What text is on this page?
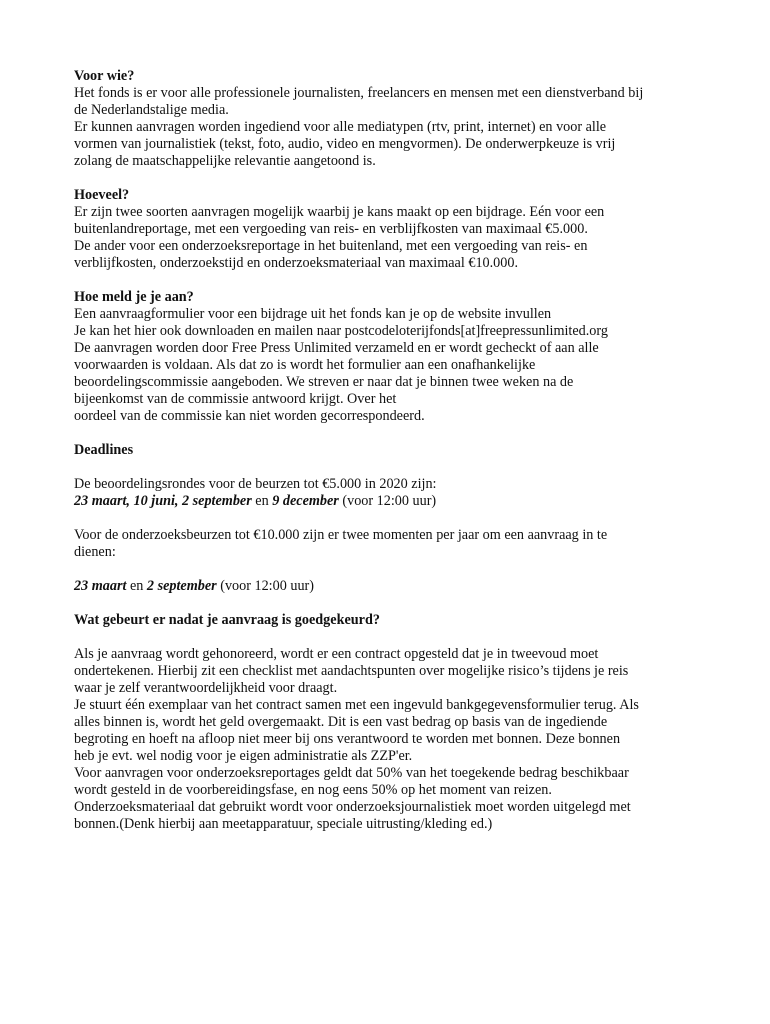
Voor wie?

Het fonds is er voor alle professionele journalisten, freelancers en mensen met een dienstverband bij

de Nederlandstalige media.

Er kunnen aanvragen worden ingediend voor alle mediatypen (rtv, print, internet) en voor alle

vormen van journalistiek (tekst, foto, audio, video en mengvormen). De onderwerpkeuze is vrij

zolang de maatschappelijke relevantie aangetoond is.

Hoeveel?

Er zijn twee soorten aanvragen mogelijk waarbij je kans maakt op een bijdrage. Eén voor een

buitenlandreportage, met een vergoeding van reis- en verblijfkosten van maximaal €5.000.

De ander voor een onderzoeksreportage in het buitenland, met een vergoeding van reis- en

verblijfkosten, onderzoekstijd en onderzoeksmateriaal van maximaal €10.000.

Hoe meld je je aan?

Een aanvraagformulier voor een bijdrage uit het fonds kan je op de website invullen

Je kan het hier ook downloaden en mailen naar postcodeloterijfonds[at]freepressunlimited.org

De aanvragen worden door Free Press Unlimited verzameld en er wordt gecheckt of aan alle

voorwaarden is voldaan. Als dat zo is wordt het formulier aan een onafhankelijke

beoordelingscommissie aangeboden. We streven er naar dat je binnen twee weken na de

bijeenkomst van de commissie antwoord krijgt. Over het

oordeel van de commissie kan niet worden gecorrespondeerd.

Deadlines

De beoordelingsrondes voor de beurzen tot €5.000 in 2020 zijn:

23 maart, 10 juni, 2 september en 9 december (voor 12:00 uur)

Voor de onderzoeksbeurzen tot €10.000 zijn er twee momenten per jaar om een aanvraag in te

dienen:

23 maart en 2 september (voor 12:00 uur)

Wat gebeurt er nadat je aanvraag is goedgekeurd?

Als je aanvraag wordt gehonoreerd, wordt er een contract opgesteld dat je in tweevoud moet

ondertekenen. Hierbij zit een checklist met aandachtspunten over mogelijke risico’s tijdens je reis

waar je zelf verantwoordelijkheid voor draagt.

Je stuurt één exemplaar van het contract samen met een ingevuld bankgegevensformulier terug. Als

alles binnen is, wordt het geld overgemaakt. Dit is een vast bedrag op basis van de ingediende

begroting en hoeft na afloop niet meer bij ons verantwoord te worden met bonnen. Deze bonnen

heb je evt. wel nodig voor je eigen administratie als ZZP'er.

Voor aanvragen voor onderzoeksreportages geldt dat 50% van het toegekende bedrag beschikbaar

wordt gesteld in de voorbereidingsfase, en nog eens 50% op het moment van reizen.

Onderzoeksmateriaal dat gebruikt wordt voor onderzoeksjournalistiek moet worden uitgelegd met

bonnen.(Denk hierbij aan meetapparatuur, speciale uitrusting/kleding ed.)
